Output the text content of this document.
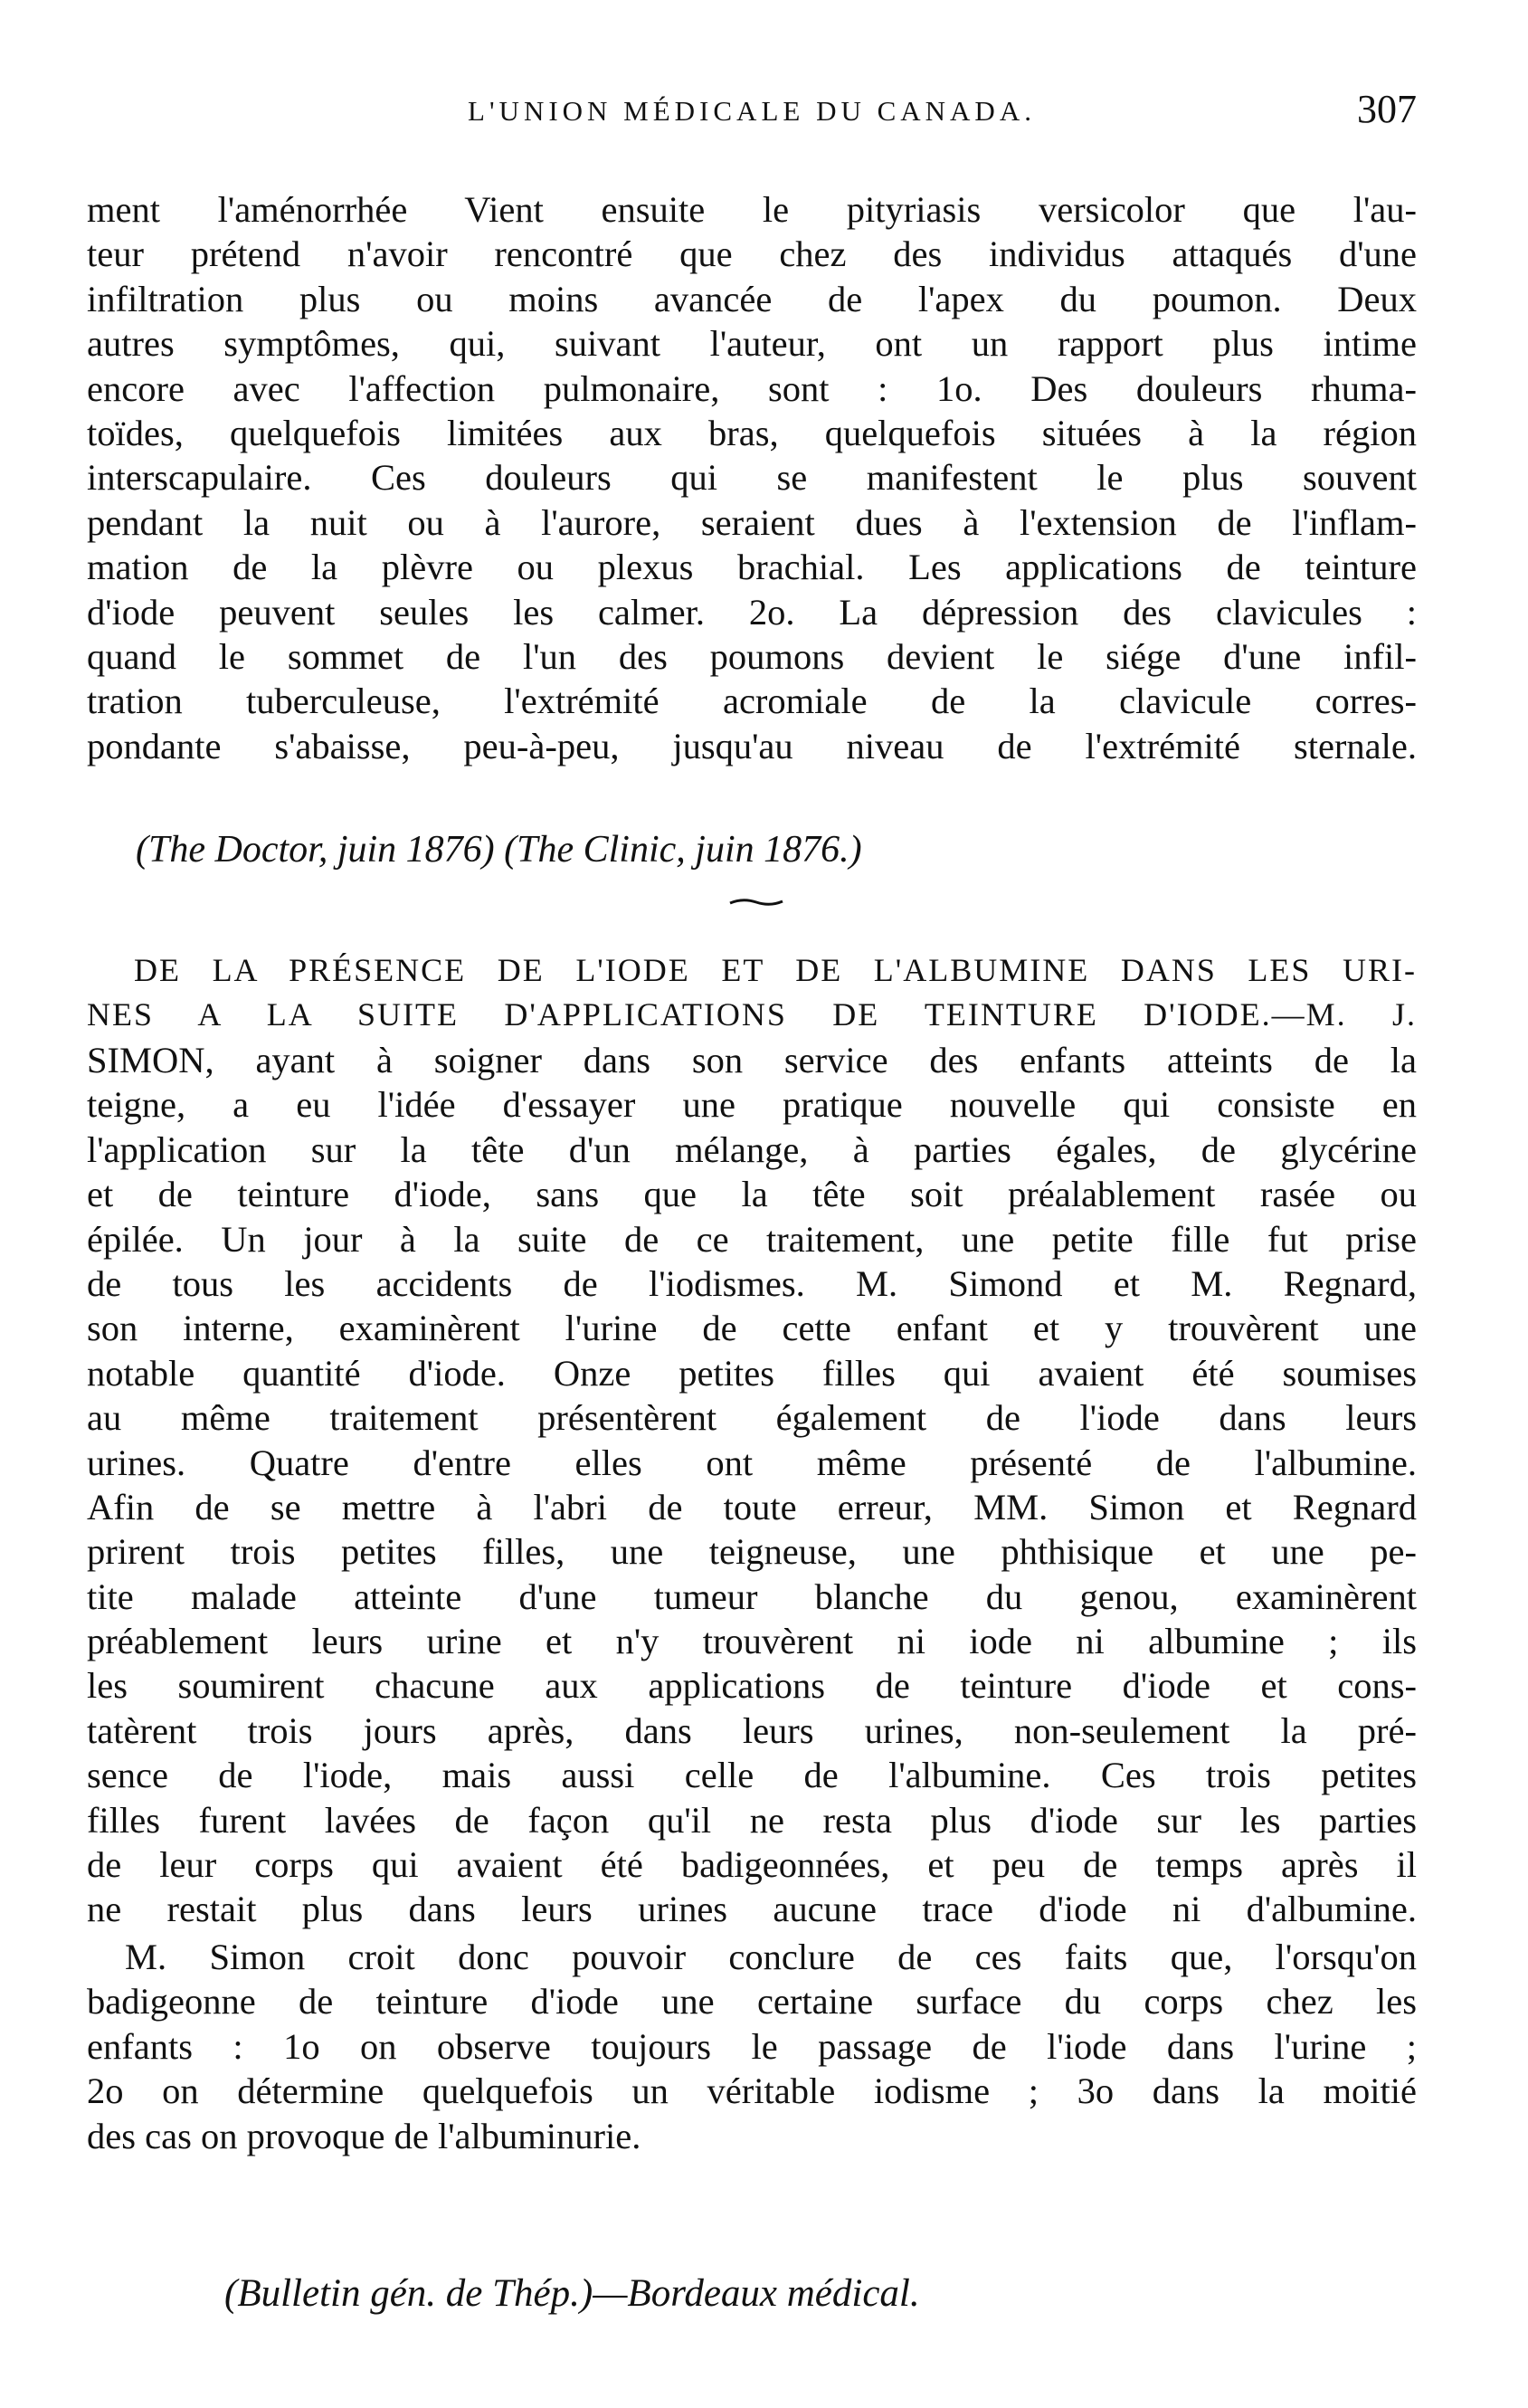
L'UNION MÉDICALE DU CANADA.	307
ment l'aménorrhée Vient ensuite le pityriasis versicolor que l'au-
teur prétend n'avoir rencontré que chez des individus attaqués d'une
infiltration plus ou moins avancée de l'apex du poumon. Deux
autres symptômes, qui, suivant l'auteur, ont un rapport plus intime
encore avec l'affection pulmonaire, sont : 1o. Des douleurs rhuma-
toïdes, quelquefois limitées aux bras, quelquefois situées à la région
interscapulaire. Ces douleurs qui se manifestent le plus souvent
pendant la nuit ou à l'aurore, seraient dues à l'extension de l'inflam-
mation de la plèvre ou plexus brachial. Les applications de teinture
d'iode peuvent seules les calmer. 2o. La dépression des clavicules :
quand le sommet de l'un des poumons devient le siége d'une infil-
tration tuberculeuse, l'extrémité acromiale de la clavicule corres-
pondante s'abaisse, peu-à-peu, jusqu'au niveau de l'extrémité sternale.
(The Doctor, juin 1876) (The Clinic, juin 1876.)
DE LA PRÉSENCE DE L'IODE ET DE L'ALBUMINE DANS LES URI-
NES A LA SUITE D'APPLICATIONS DE TEINTURE D'IODE.—M. J.
SIMON, ayant à soigner dans son service des enfants atteints de la
teigne, a eu l'idée d'essayer une pratique nouvelle qui consiste en
l'application sur la tête d'un mélange, à parties égales, de glycérine
et de teinture d'iode, sans que la tête soit préalablement rasée ou
épilée. Un jour à la suite de ce traitement, une petite fille fut prise
de tous les accidents de l'iodismes. M. Simond et M. Regnard,
son interne, examinèrent l'urine de cette enfant et y trouvèrent une
notable quantité d'iode. Onze petites filles qui avaient été soumises
au même traitement présentèrent également de l'iode dans leurs
urines. Quatre d'entre elles ont même présenté de l'albumine.
Afin de se mettre à l'abri de toute erreur, MM. Simon et Regnard
prirent trois petites filles, une teigneuse, une phthisique et une pe-
tite malade atteinte d'une tumeur blanche du genou, examinèrent
préablement leurs urine et n'y trouvèrent ni iode ni albumine ; ils
les soumirent chacune aux applications de teinture d'iode et cons-
tatèrent trois jours après, dans leurs urines, non-seulement la pré-
sence de l'iode, mais aussi celle de l'albumine. Ces trois petites
filles furent lavées de façon qu'il ne resta plus d'iode sur les parties
de leur corps qui avaient été badigeonnées, et peu de temps après il
ne restait plus dans leurs urines aucune trace d'iode ni d'albumine.
M. Simon croit donc pouvoir conclure de ces faits que, l'orsqu'on
badigeonne de teinture d'iode une certaine surface du corps chez les
enfants : 1o on observe toujours le passage de l'iode dans l'urine ;
2o on détermine quelquefois un véritable iodisme ; 3o dans la moitié
des cas on provoque de l'albuminurie.
(Bulletin gén. de Thép.)—Bordeaux médical.
